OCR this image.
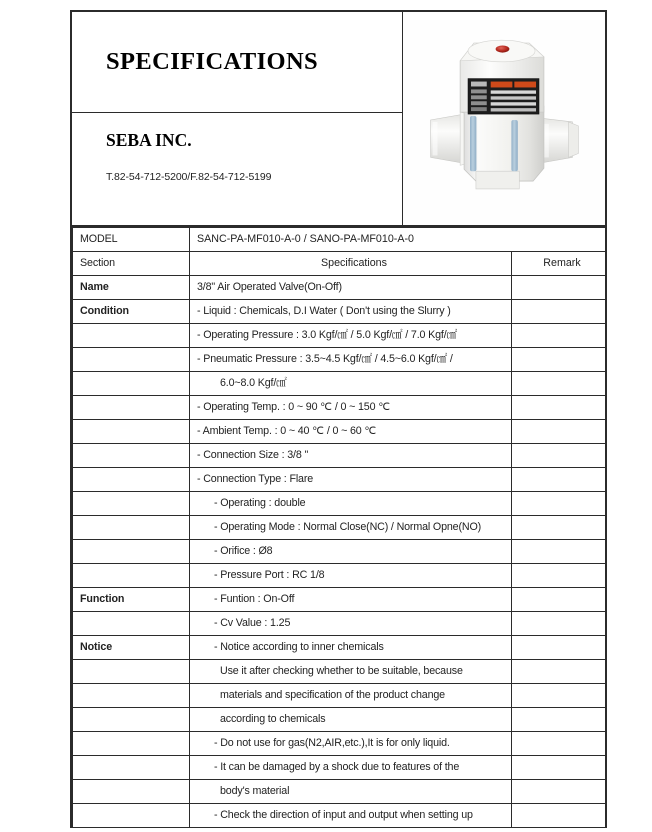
SPECIFICATIONS
SEBA INC.
T.82-54-712-5200/F.82-54-712-5199
MODEL	SANC-PA-MF010-A-0 / SANO-PA-MF010-A-0	
Section	Specifications	Remark
Name	3/8" Air Operated Valve(On-Off)	
Condition	- Liquid : Chemicals, D.I Water ( Don't using the Slurry )	
	- Operating Pressure : 3.0 Kgf/㎠ / 5.0 Kgf/㎠ / 7.0 Kgf/㎠	
	- Pneumatic Pressure : 3.5~4.5 Kgf/㎠ / 4.5~6.0 Kgf/㎠ /	
	6.0~8.0 Kgf/㎠	
	- Operating Temp. : 0 ~ 90 ℃ / 0 ~ 150 ℃	
	- Ambient Temp. : 0 ~ 40 ℃ / 0 ~ 60 ℃	
	- Connection Size : 3/8 "	
	- Connection Type : Flare	
	- Operating : double	
	- Operating Mode : Normal Close(NC) / Normal Opne(NO)	
	- Orifice : Ø8	
	- Pressure Port : RC 1/8	
Function	- Funtion : On-Off	
	- Cv Value : 1.25	
Notice	- Notice according to inner chemicals	
	Use it after checking whether to be suitable, because	
	materials and specification of the product change	
	according to chemicals	
	- Do not use for gas(N2,AIR,etc.),It is for only liquid.	
	- It can be damaged by a shock due to features of the	
	body's material	
	- Check the direction of input and output when setting up	
